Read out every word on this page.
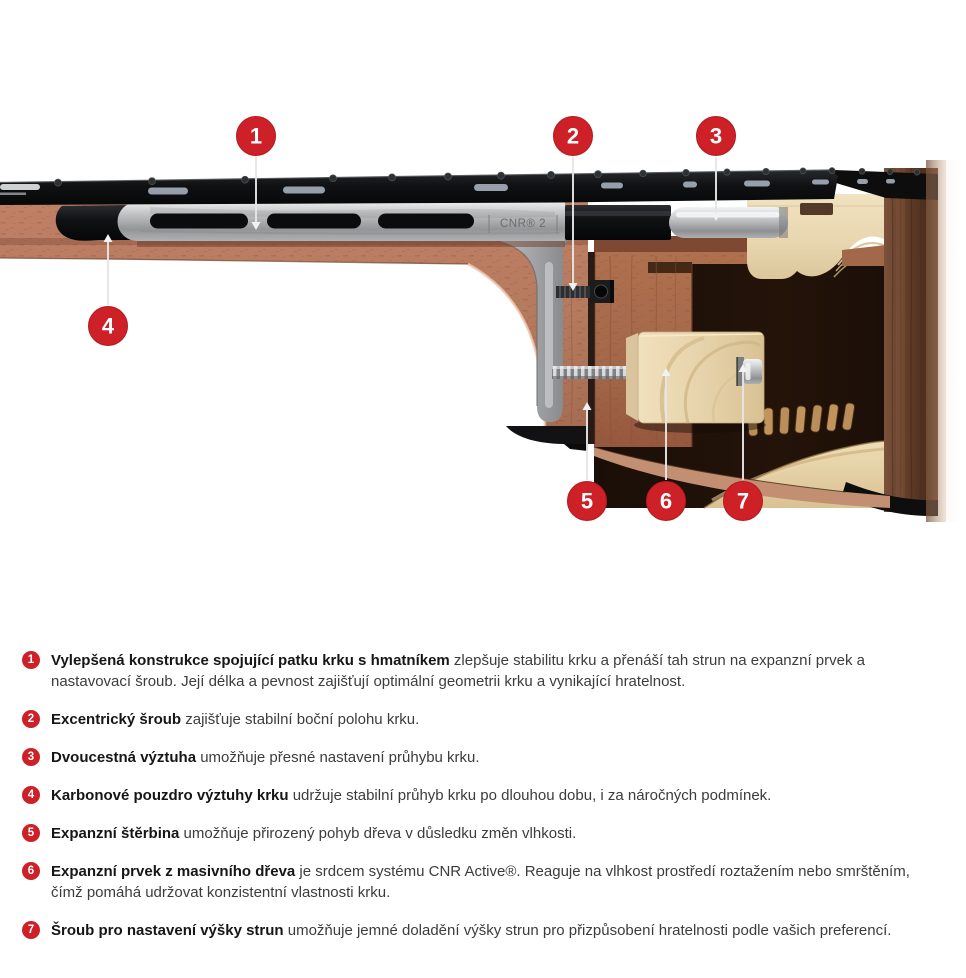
CNR® 2
1	2	3
4
5	6	7
1	Vylepšená konstrukce spojující patku krku s hmatníkem zlepšuje stabilitu krku a přenáší tah strun na expanzní prvek a nastavovací šroub. Její délka a pevnost zajišťují optimální geometrii krku a vynikající hratelnost.

2	Excentrický šroub zajišťuje stabilní boční polohu krku.

3	Dvoucestná výztuha umožňuje přesné nastavení průhybu krku.

4	Karbonové pouzdro výztuhy krku udržuje stabilní průhyb krku po dlouhou dobu, i za náročných podmínek.

5	Expanzní štěrbina umožňuje přirozený pohyb dřeva v důsledku změn vlhkosti.

6	Expanzní prvek z masivního dřeva je srdcem systému CNR Active®. Reaguje na vlhkost prostředí roztažením nebo smrštěním, čímž pomáhá udržovat konzistentní vlastnosti krku.

7	Šroub pro nastavení výšky strun umožňuje jemné doladění výšky strun pro přizpůsobení hratelnosti podle vašich preferencí.
